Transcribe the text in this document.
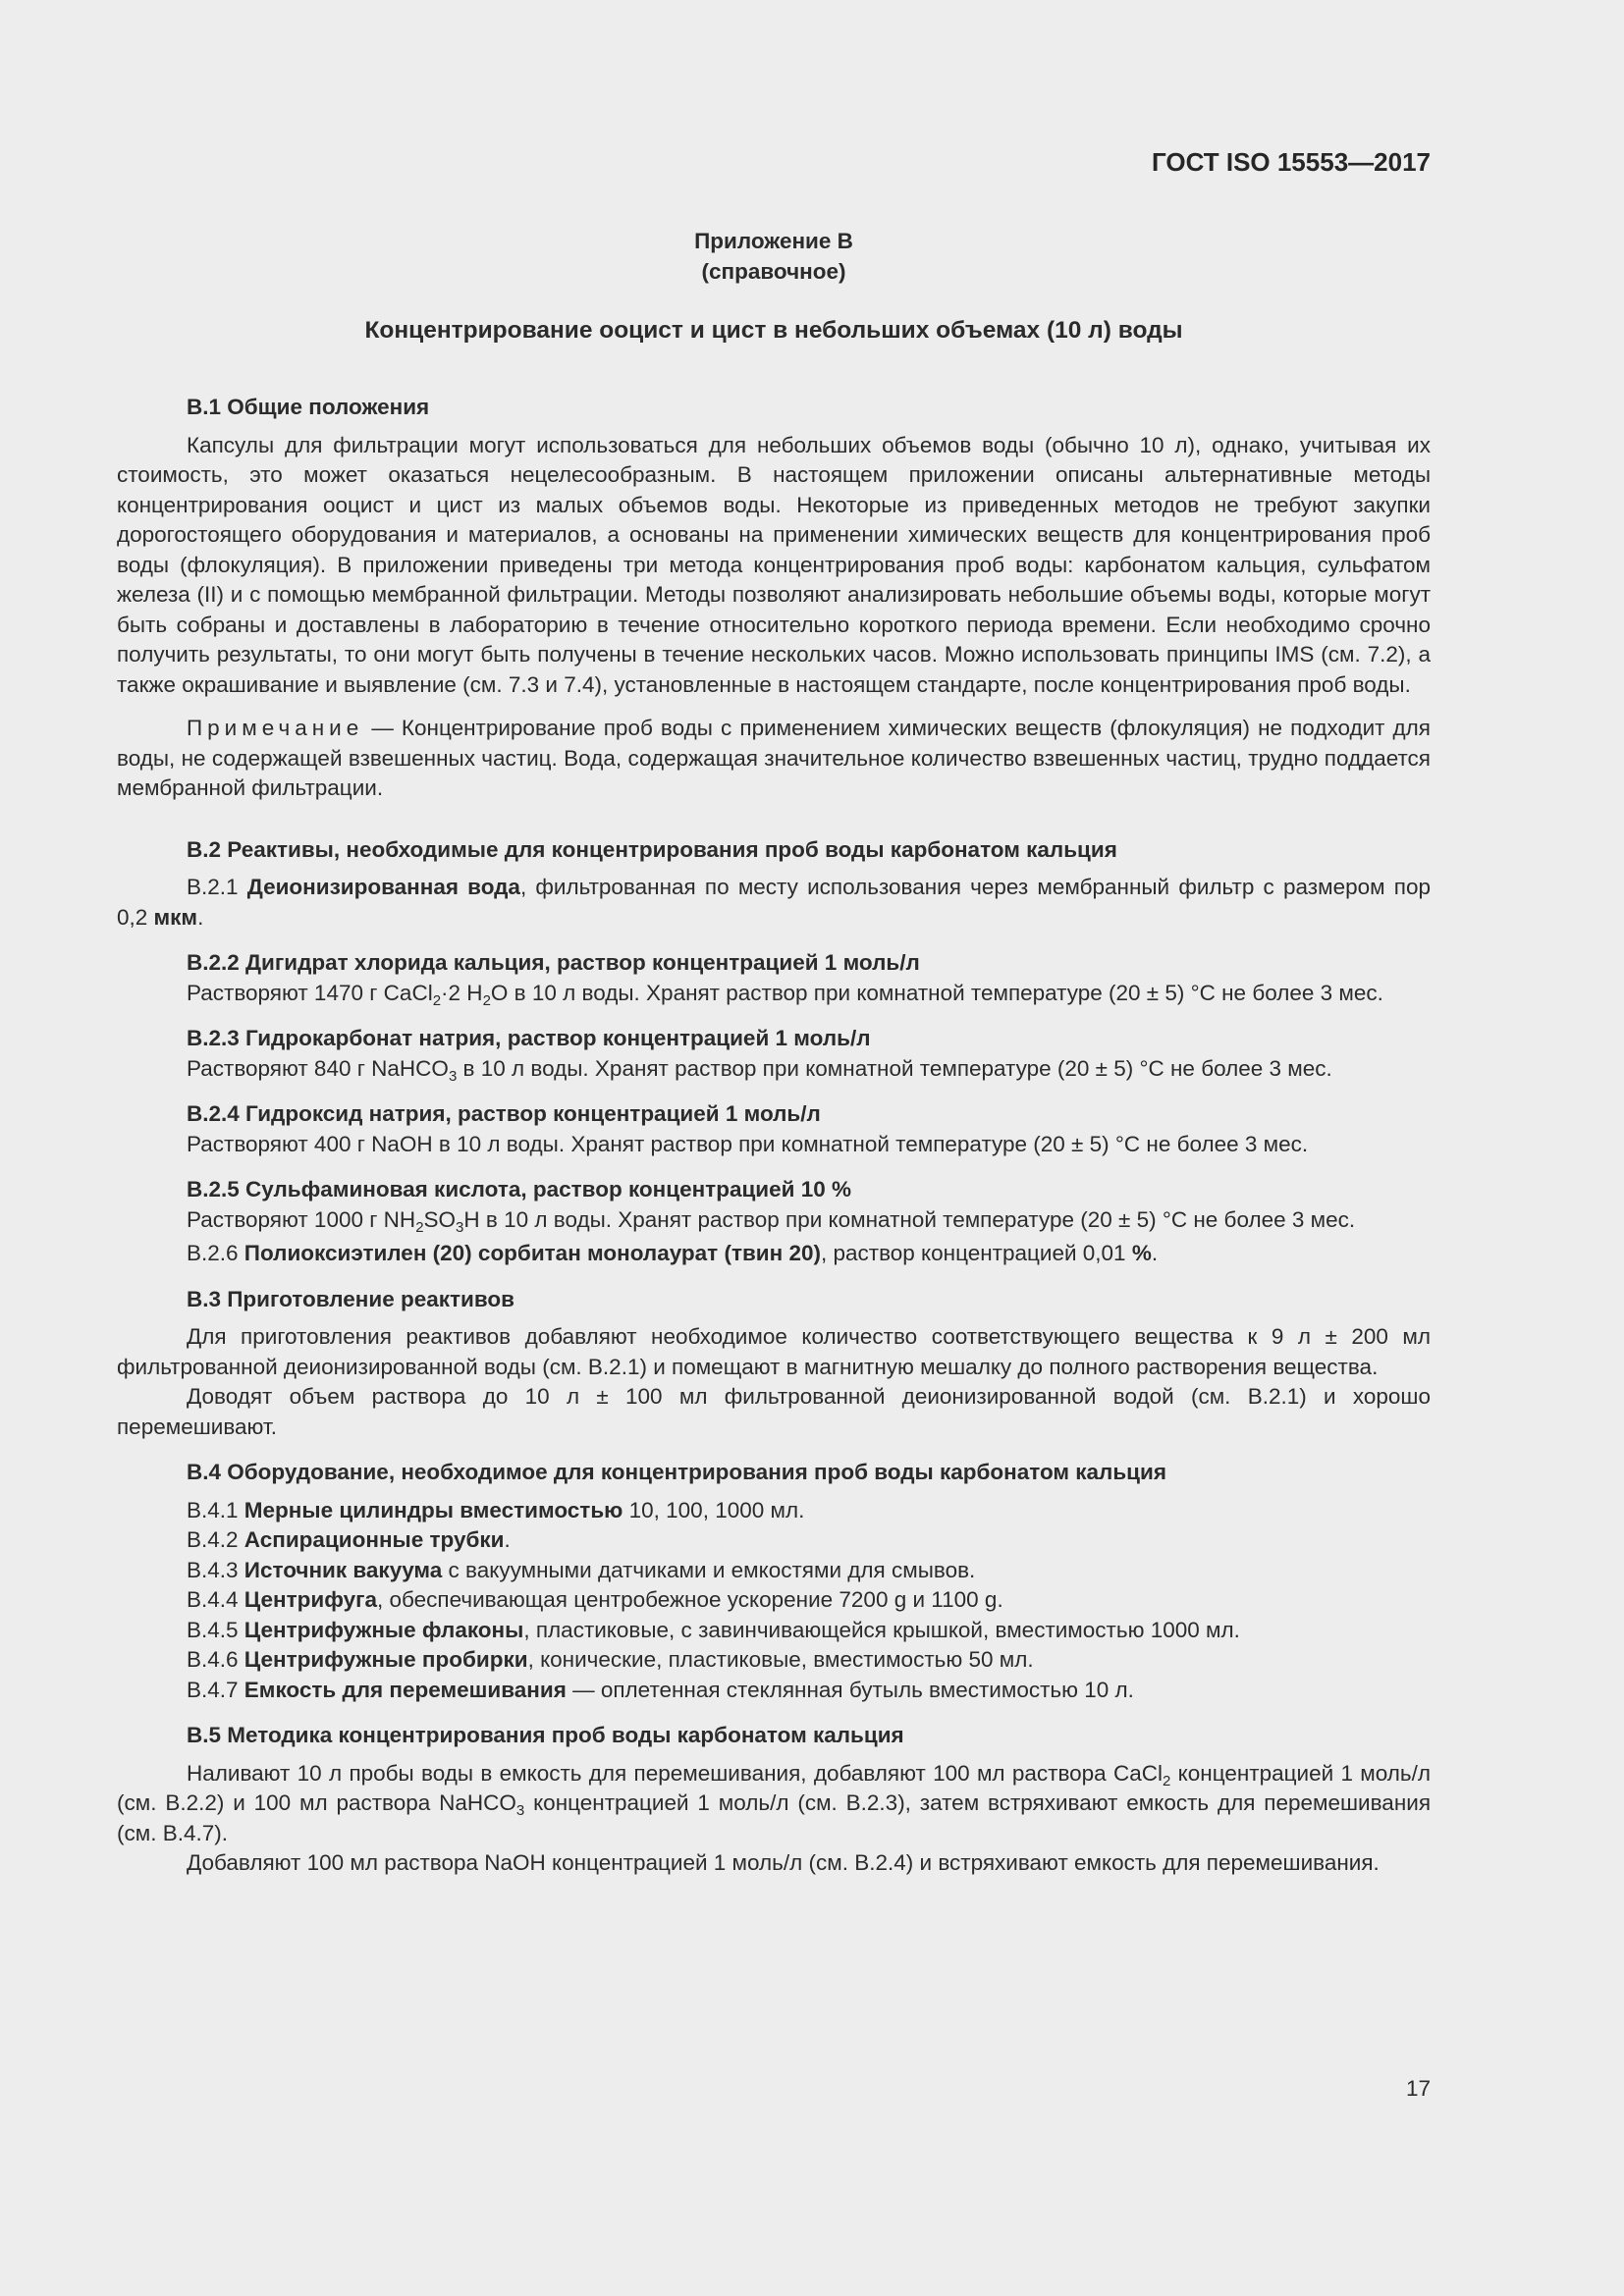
ГОСТ ISO 15553—2017
Приложение В
(справочное)
Концентрирование ооцист и цист в небольших объемах (10 л) воды
В.1 Общие положения

Капсулы для фильтрации могут использоваться для небольших объемов воды (обычно 10 л), однако, учитывая их стоимость, это может оказаться нецелесообразным. В настоящем приложении описаны альтернативные методы концентрирования ооцист и цист из малых объемов воды. Некоторые из приведенных методов не требуют закупки дорогостоящего оборудования и материалов, а основаны на применении химических веществ для концентрирования проб воды (флокуляция). В приложении приведены три метода концентрирования проб воды: карбонатом кальция, сульфатом железа (II) и с помощью мембранной фильтрации. Методы позволяют анализировать небольшие объемы воды, которые могут быть собраны и доставлены в лабораторию в течение относительно короткого периода времени. Если необходимо срочно получить результаты, то они могут быть получены в течение нескольких часов. Можно использовать принципы IMS (см. 7.2), а также окрашивание и выявление (см. 7.3 и 7.4), установленные в настоящем стандарте, после концентрирования проб воды.

Примечание — Концентрирование проб воды с применением химических веществ (флокуляция) не подходит для воды, не содержащей взвешенных частиц. Вода, содержащая значительное количество взвешенных частиц, трудно поддается мембранной фильтрации.

В.2 Реактивы, необходимые для концентрирования проб воды карбонатом кальция

В.2.1 Деионизированная вода, фильтрованная по месту использования через мембранный фильтр с размером пор 0,2 мкм.

В.2.2 Дигидрат хлорида кальция, раствор концентрацией 1 моль/л

Растворяют 1470 г CaCl$_2$·2 $H_2O$ в 10 л воды. Хранят раствор при комнатной температуре (20 ± 5) °С не более 3 мес.

В.2.3 Гидрокарбонат натрия, раствор концентрацией 1 моль/л

Растворяют 840 г NaHCO$_3$ в 10 л воды. Хранят раствор при комнатной температуре (20 ± 5) °С не более 3 мес.

В.2.4 Гидроксид натрия, раствор концентрацией 1 моль/л

Растворяют 400 г NaOH в 10 л воды. Хранят раствор при комнатной температуре (20 ± 5) °С не более 3 мес.

В.2.5 Сульфаминовая кислота, раствор концентрацией 10 %

Растворяют 1000 г $NH_2SO_3H$ в 10 л воды. Хранят раствор при комнатной температуре (20 ± 5) °С не более 3 мес.

В.2.6 Полиоксиэтилен (20) сорбитан монолаурат (твин 20), раствор концентрацией 0,01 %.

В.3 Приготовление реактивов

Для приготовления реактивов добавляют необходимое количество соответствующего вещества к 9 л ± 200 мл фильтрованной деионизированной воды (см. В.2.1) и помещают в магнитную мешалку до полного растворения вещества.

Доводят объем раствора до 10 л ± 100 мл фильтрованной деионизированной водой (см. В.2.1) и хорошо перемешивают.

В.4 Оборудование, необходимое для концентрирования проб воды карбонатом кальция
В.4.1 Мерные цилиндры вместимостью 10, 100, 1000 мл.
В.4.2 Аспирационные трубки.
В.4.3 Источник вакуума с вакуумными датчиками и емкостями для смывов.
В.4.4 Центрифуга, обеспечивающая центробежное ускорение 7200 g и 1100 g.
В.4.5 Центрифужные флаконы, пластиковые, с завинчивающейся крышкой, вместимостью 1000 мл.
В.4.6 Центрифужные пробирки, конические, пластиковые, вместимостью 50 мл.
В.4.7 Емкость для перемешивания — оплетенная стеклянная бутыль вместимостью 10 л.
В.5 Методика концентрирования проб воды карбонатом кальция

Наливают 10 л пробы воды в емкость для перемешивания, добавляют 100 мл раствора CaCl$_2$ концентрацией 1 моль/л (см. В.2.2) и 100 мл раствора NaHCO$_3$ концентрацией 1 моль/л (см. В.2.3), затем встряхивают емкость для перемешивания (см. В.4.7).

Добавляют 100 мл раствора NaOH концентрацией 1 моль/л (см. В.2.4) и встряхивают емкость для перемешивания.

17
